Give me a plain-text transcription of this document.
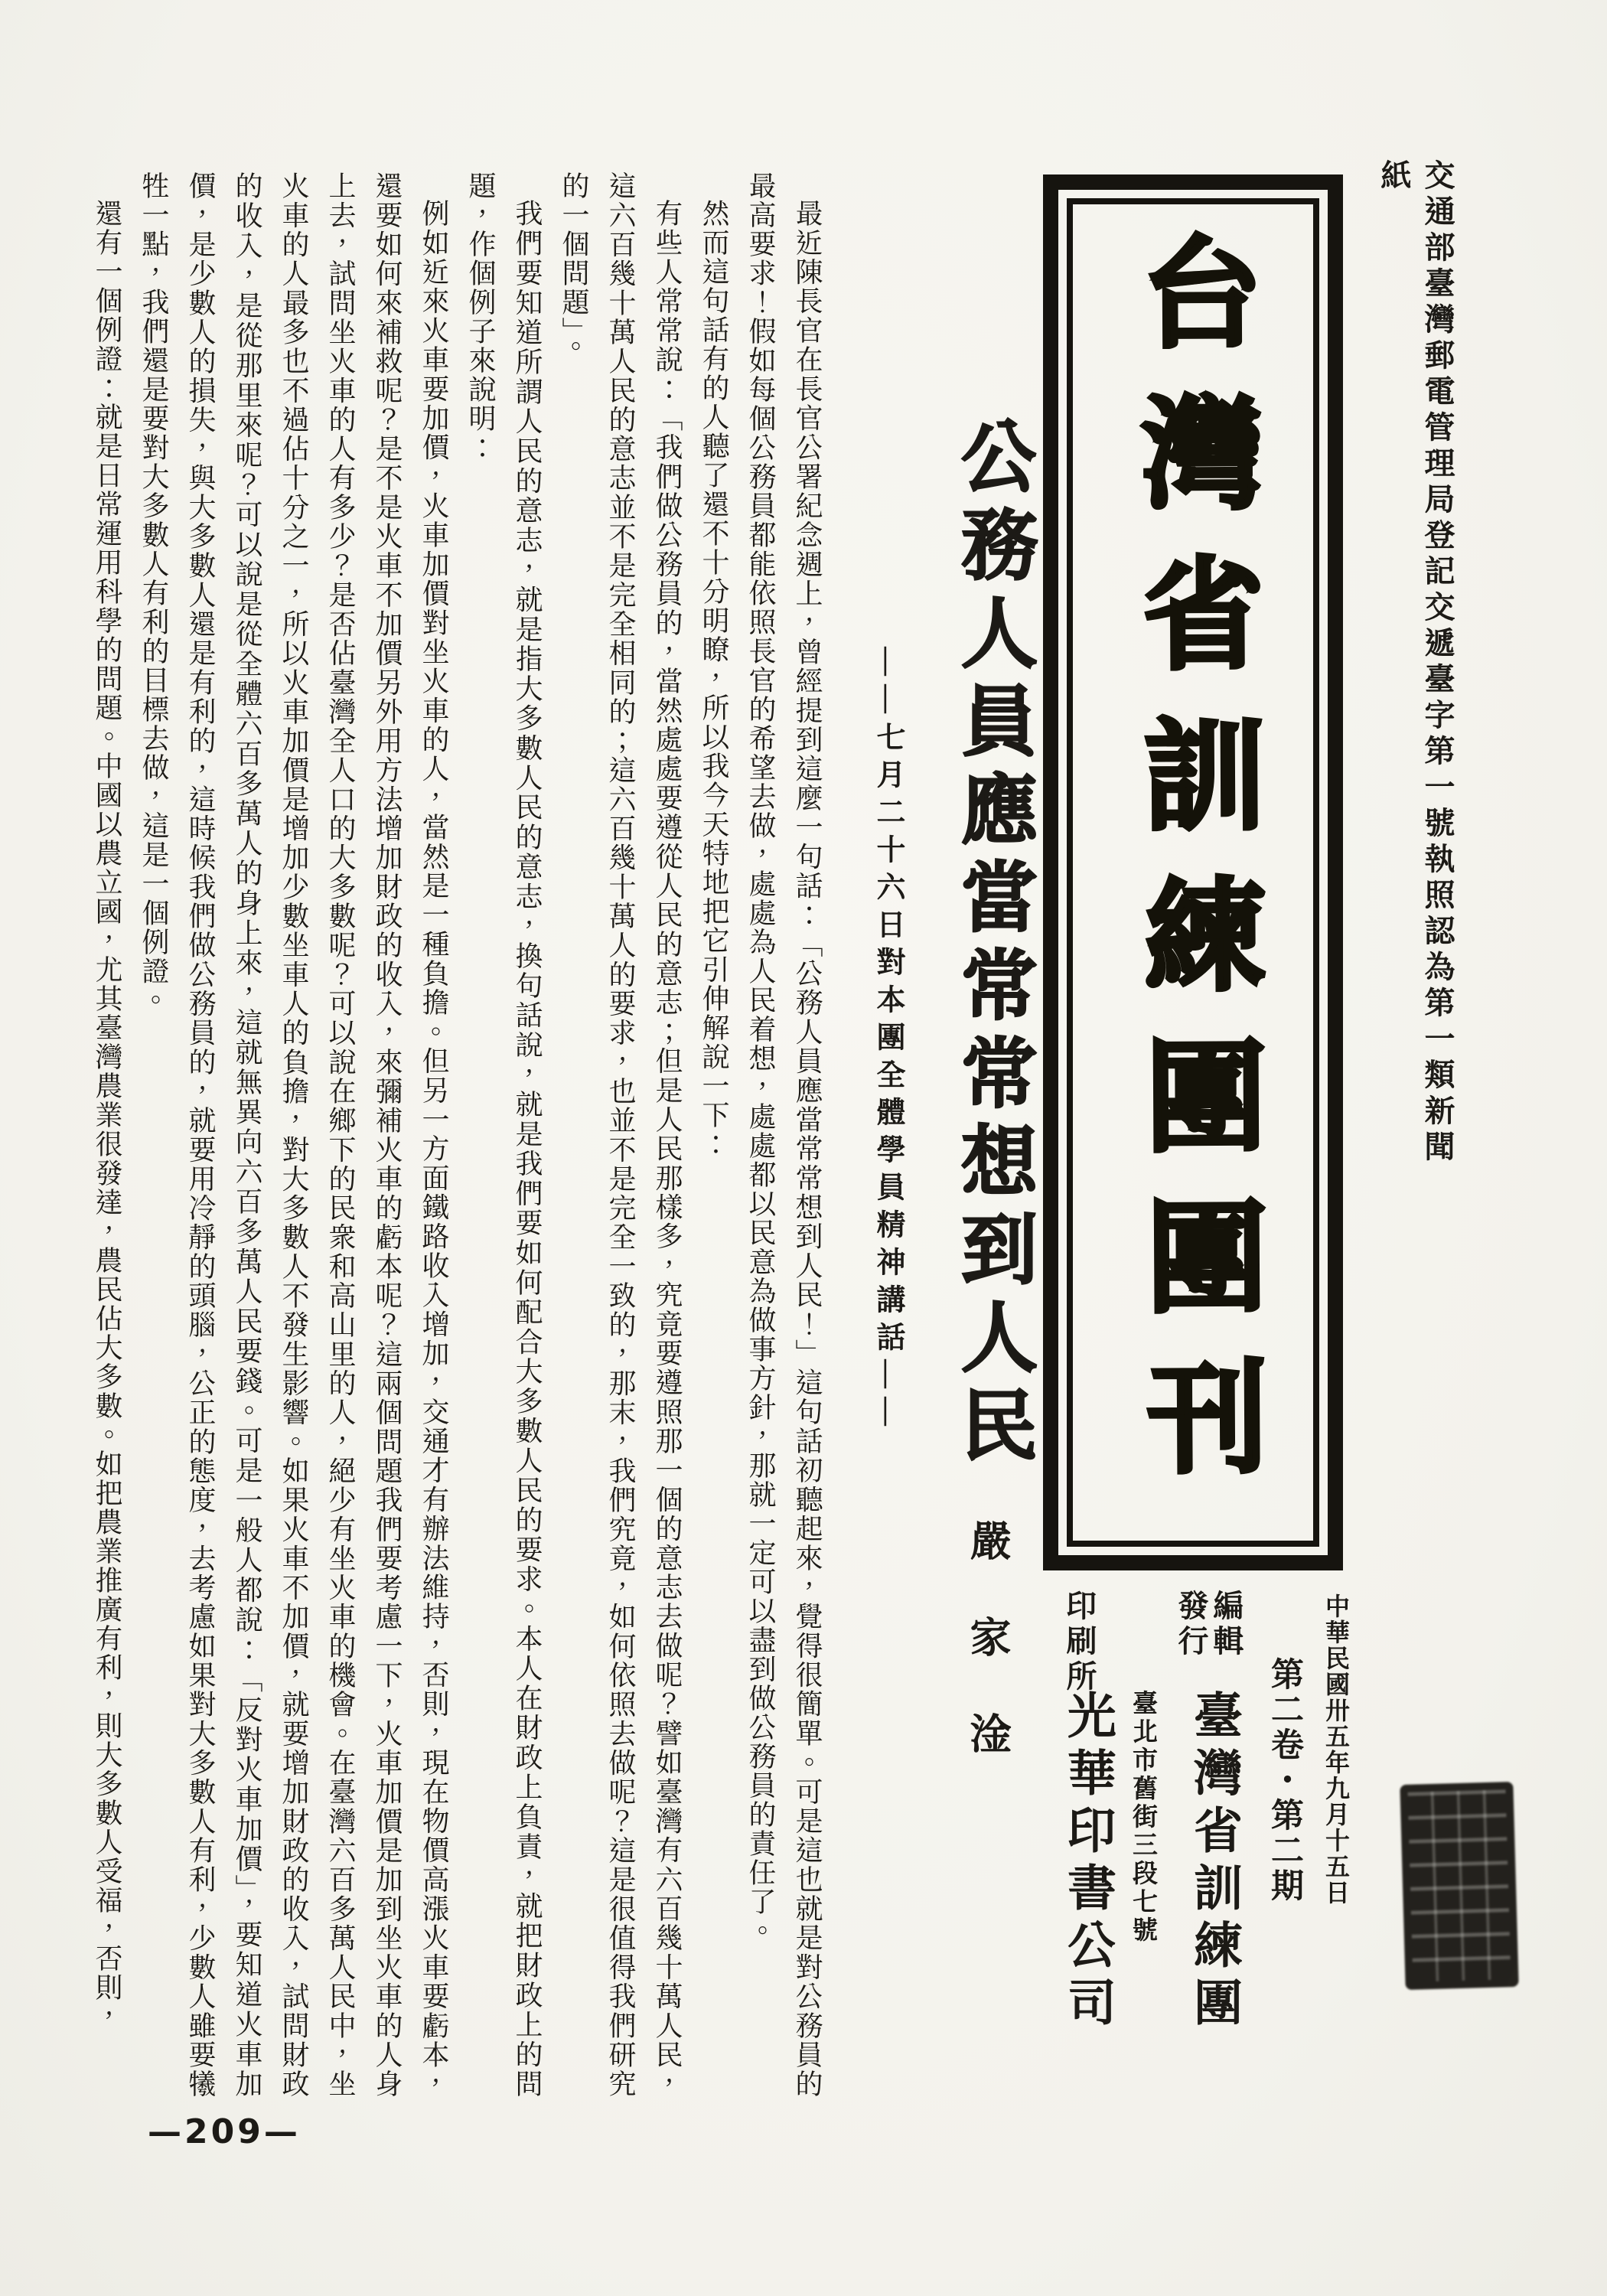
交通部臺灣郵電管理局登記交遞臺字第一號執照認為第一類新聞紙
台灣省訓練團團刊
中華民國卅五年九月十五日
第二卷・第二期
編輯
發行
臺灣省訓練團
臺北市舊街三段七號
印刷所
光華印書公司
公務人員應當常常想到人民
——七月二十六日對本團全體學員精神講話——
嚴　家　淦

最近陳長官在長官公署紀念週上，曾經提到這麼一句話：「公務人員應當常常想到人民！」這句話初聽起來，覺得很簡單。可是這也就是對公務員的最高要求！假如每個公務員都能依照長官的希望去做，處處為人民着想，處處都以民意為做事方針，那就一定可以盡到做公務員的責任了。

然而這句話有的人聽了還不十分明瞭，所以我今天特地把它引伸解說一下：

有些人常常說：「我們做公務員的，當然處處要遵從人民的意志；但是人民那樣多，究竟要遵照那一個的意志去做呢？譬如臺灣有六百幾十萬人民，這六百幾十萬人民的意志並不是完全相同的；這六百幾十萬人的要求，也並不是完全一致的，那末，我們究竟，如何依照去做呢？這是很值得我們研究的一個問題」。

我們要知道所謂人民的意志，就是指大多數人民的意志，換句話說，就是我們要如何配合大多數人民的要求。本人在財政上負責，就把財政上的問題，作個例子來說明：

例如近來火車要加價，火車加價對坐火車的人，當然是一種負擔。但另一方面鐵路收入增加，交通才有辦法維持，否則，現在物價高漲火車要虧本，還要如何來補救呢？是不是火車不加價另外用方法增加財政的收入，來彌補火車的虧本呢？這兩個問題我們要考慮一下，火車加價是加到坐火車的人身上去，試問坐火車的人有多少？是否佔臺灣全人口的大多數呢？可以說在鄉下的民衆和高山里的人，絕少有坐火車的機會。在臺灣六百多萬人民中，坐火車的人最多也不過佔十分之一，所以火車加價是增加少數坐車人的負擔，對大多數人不發生影響。如果火車不加價，就要增加財政的收入，試問財政的收入，是從那里來呢？可以說是從全體六百多萬人的身上來，這就無異向六百多萬人民要錢。可是一般人都說：「反對火車加價」，要知道火車加價，是少數人的損失，與大多數人還是有利的，這時候我們做公務員的，就要用冷靜的頭腦，公正的態度，去考慮如果對大多數人有利，少數人雖要犧牲一點，我們還是要對大多數人有利的目標去做，這是一個例證。

還有一個例證：就是日常運用科學的問題。中國以農立國，尤其臺灣農業很發達，農民佔大多數。如把農業推廣有利，則大多數人受福，否則，

—209—
